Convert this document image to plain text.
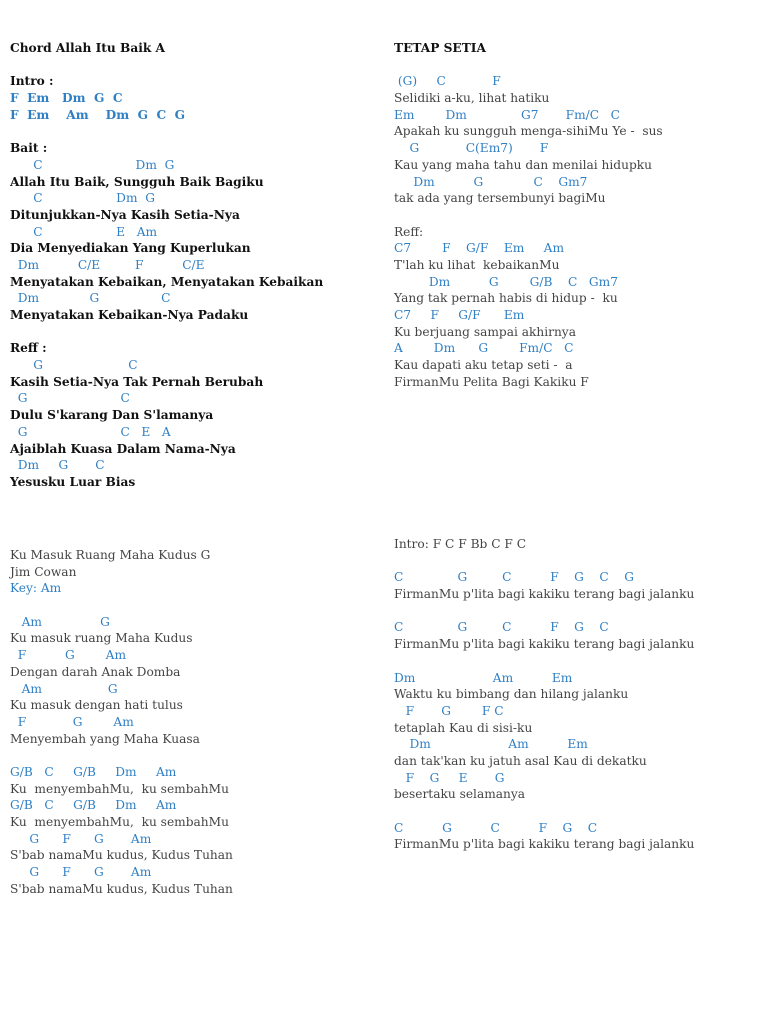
Chord Allah Itu Baik A
Intro :
F  Em   Dm  G  C
F  Em    Am    Dm  G  C  G
Bait :
C                        Dm  G
Allah Itu Baik, Sungguh Baik Bagiku
C                   Dm  G
Ditunjukkan-Nya Kasih Setia-Nya
C                   E   Am
Dia Menyediakan Yang Kuperlukan
Dm          C/E         F          C/E
Menyatakan Kebaikan, Menyatakan Kebaikan
Dm             G                C
Menyatakan Kebaikan-Nya Padaku
Reff :
G                      C
Kasih Setia-Nya Tak Pernah Berubah
G                        C
Dulu S'karang Dan S'lamanya
G                        C   E   A
Ajaiblah Kuasa Dalam Nama-Nya
Dm     G       C
Yesusku Luar Bias
TETAP SETIA
(G)     C            F
Selidiki a-ku, lihat hatiku
Em        Dm              G7       Fm/C   C
Apakah ku sungguh menga-sihiMu Ye -  sus
G            C(Em7)       F
Kau yang maha tahu dan menilai hidupku
Dm          G             C    Gm7
tak ada yang tersembunyi bagiMu
Reff:
C7        F    G/F    Em     Am
T'lah ku lihat  kebaikanMu
Dm          G        G/B    C   Gm7
Yang tak pernah habis di hidup -  ku
C7     F     G/F      Em
Ku berjuang sampai akhirnya
A        Dm      G        Fm/C   C
Kau dapati aku tetap seti -  a
FirmanMu Pelita Bagi Kakiku F
Ku Masuk Ruang Maha Kudus G
Jim Cowan
Key: Am
Am               G
Ku masuk ruang Maha Kudus
F          G        Am
Dengan darah Anak Domba
Am                 G
Ku masuk dengan hati tulus
F            G        Am
Menyembah yang Maha Kuasa
G/B   C     G/B     Dm     Am
Ku  menyembahMu,  ku sembahMu
G/B   C     G/B     Dm     Am
Ku  menyembahMu,  ku sembahMu
G      F      G       Am
S'bab namaMu kudus, Kudus Tuhan
G      F      G       Am
S'bab namaMu kudus, Kudus Tuhan
Intro: F C F Bb C F C
C              G         C          F    G    C    G
FirmanMu p'lita bagi kakiku terang bagi jalanku
C              G         C          F    G    C
FirmanMu p'lita bagi kakiku terang bagi jalanku
Dm                    Am          Em
Waktu ku bimbang dan hilang jalanku
F       G        F C
tetaplah Kau di sisi-ku
Dm                    Am          Em
dan tak'kan ku jatuh asal Kau di dekatku
F    G     E       G
besertaku selamanya
C          G          C          F    G    C
FirmanMu p'lita bagi kakiku terang bagi jalanku
